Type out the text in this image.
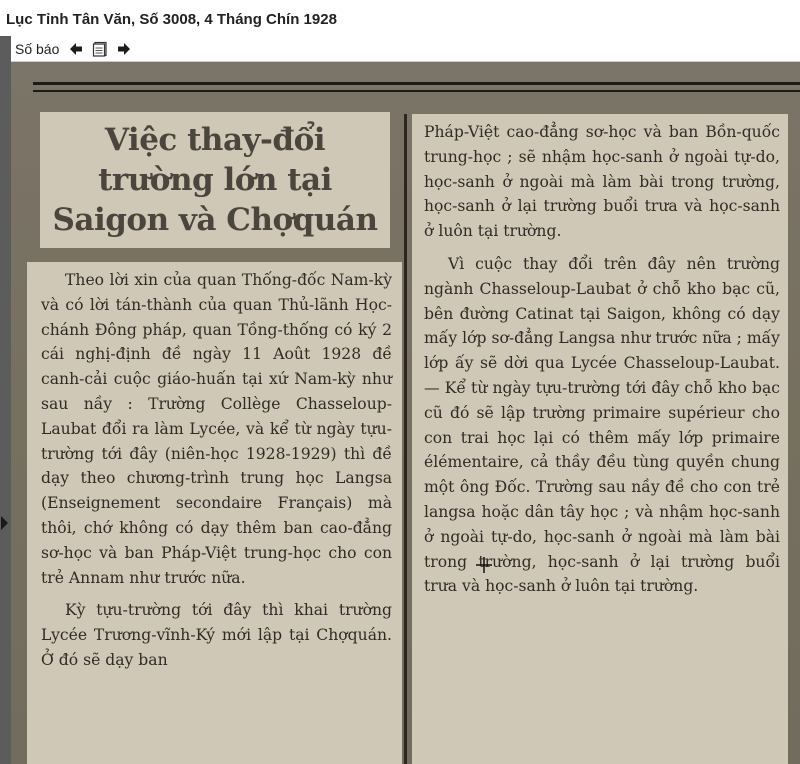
Lục Tỉnh Tân Văn, Số 3008, 4 Tháng Chín 1928
Số báo
Việc thay-đổi trường lớn tại Saigon và Chợquán

Theo lời xin của quan Thống-đốc Nam-kỳ và có lời tán-thành của quan Thủ-lãnh Học-chánh Đông pháp, quan Tồng-thống có ký 2 cái nghị-định đề ngày 11 Août 1928 đề canh-cải cuộc giáo-huấn tại xứ Nam-kỳ như sau nầy : Trường Collège Chasseloup-Laubat đổi ra làm Lycée, và kể từ ngày tựu-trường tới đây (niên-học 1928-1929) thì đề dạy theo chương-trình trung học Langsa (Enseignement secondaire Français) mà thôi, chớ không có dạy thêm ban cao-đẳng sơ-học và ban Pháp-Việt trung-học cho con trẻ Annam như trước nữa.

Kỳ tựu-trường tới đây thì khai trường Lycée Trương-vĩnh-Ký mới lập tại Chợquán. Ở đó sẽ dạy ban

Pháp-Việt cao-đẳng sơ-học và ban Bồn-quốc trung-học ; sẽ nhậm học-sanh ở ngoài tự-do, học-sanh ở ngoài mà làm bài trong trường, học-sanh ở lại trường buổi trưa và học-sanh ở luôn tại trường.

Vì cuộc thay đổi trên đây nên trường ngành Chasseloup-Laubat ở chỗ kho bạc cũ, bên đường Catinat tại Saigon, không có dạy mấy lớp sơ-đẳng Langsa như trước nữa ; mấy lớp ấy sẽ dời qua Lycée Chasseloup-Laubat. — Kể từ ngày tựu-trường tới đây chỗ kho bạc cũ đó sẽ lập trường primaire supérieur cho con trai học lại có thêm mấy lớp primaire élémentaire, cả thầy đều tùng quyền chung một ông Đốc. Trường sau nầy đề cho con trẻ langsa hoặc dân tây học ; và nhậm học-sanh ở ngoài tự-do, học-sanh ở ngoài mà làm bài trong trường, học-sanh ở lại trường buổi trưa và học-sanh ở luôn tại trường.
